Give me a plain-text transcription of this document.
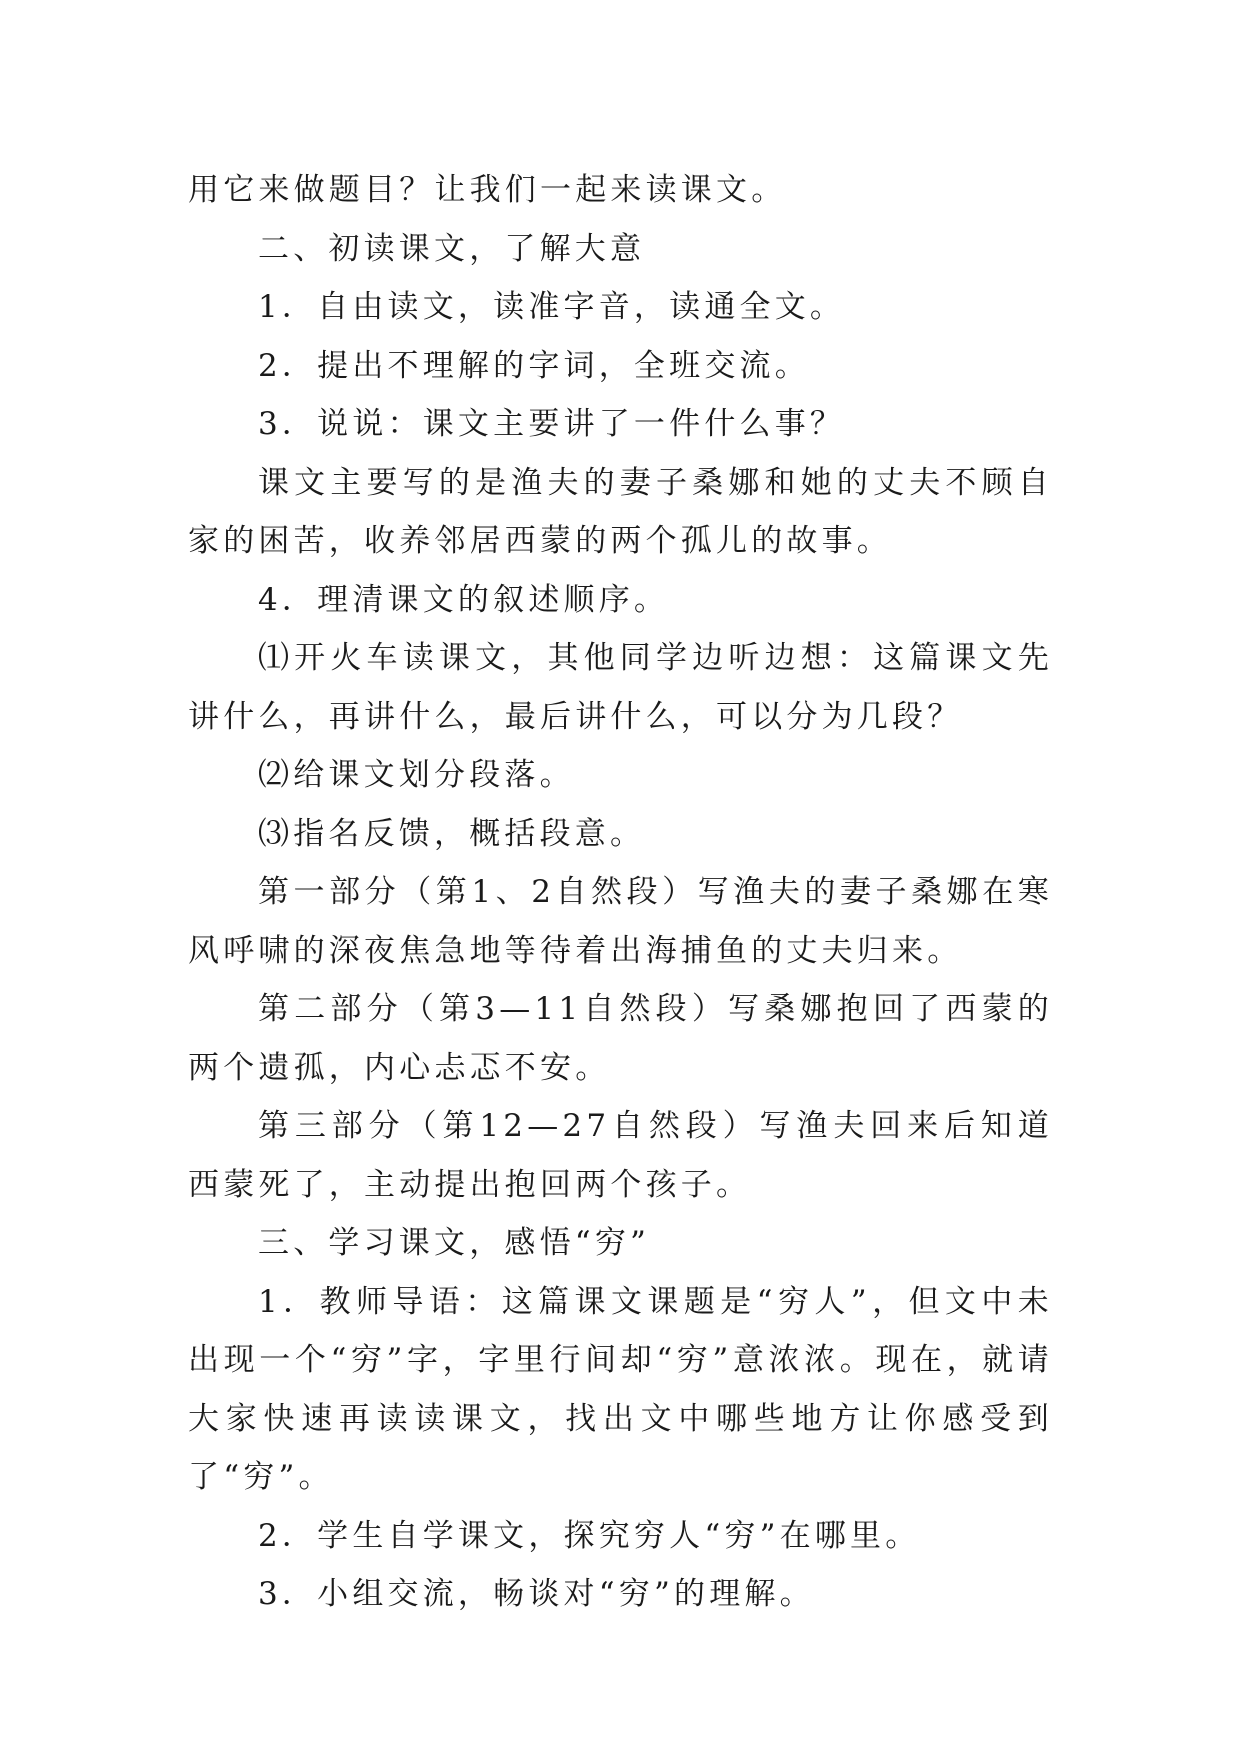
用它来做题目？让我们一起来读课文。

二、初读课文，了解大意

1．自由读文，读准字音，读通全文。

2．提出不理解的字词，全班交流。

3．说说：课文主要讲了一件什么事？

课文主要写的是渔夫的妻子桑娜和她的丈夫不顾自家的困苦，收养邻居西蒙的两个孤儿的故事。

4．理清课文的叙述顺序。

⑴开火车读课文，其他同学边听边想：这篇课文先讲什么，再讲什么，最后讲什么，可以分为几段？

⑵给课文划分段落。

⑶指名反馈，概括段意。

第一部分（第1、2自然段）写渔夫的妻子桑娜在寒风呼啸的深夜焦急地等待着出海捕鱼的丈夫归来。

第二部分（第3—11自然段）写桑娜抱回了西蒙的两个遗孤，内心忐忑不安。

第三部分（第12—27自然段）写渔夫回来后知道西蒙死了，主动提出抱回两个孩子。

三、学习课文，感悟“穷”

1．教师导语：这篇课文课题是“穷人”，但文中未出现一个“穷”字，字里行间却“穷”意浓浓。现在，就请大家快速再读读课文，找出文中哪些地方让你感受到了“穷”。

2．学生自学课文，探究穷人“穷”在哪里。

3．小组交流，畅谈对“穷”的理解。
